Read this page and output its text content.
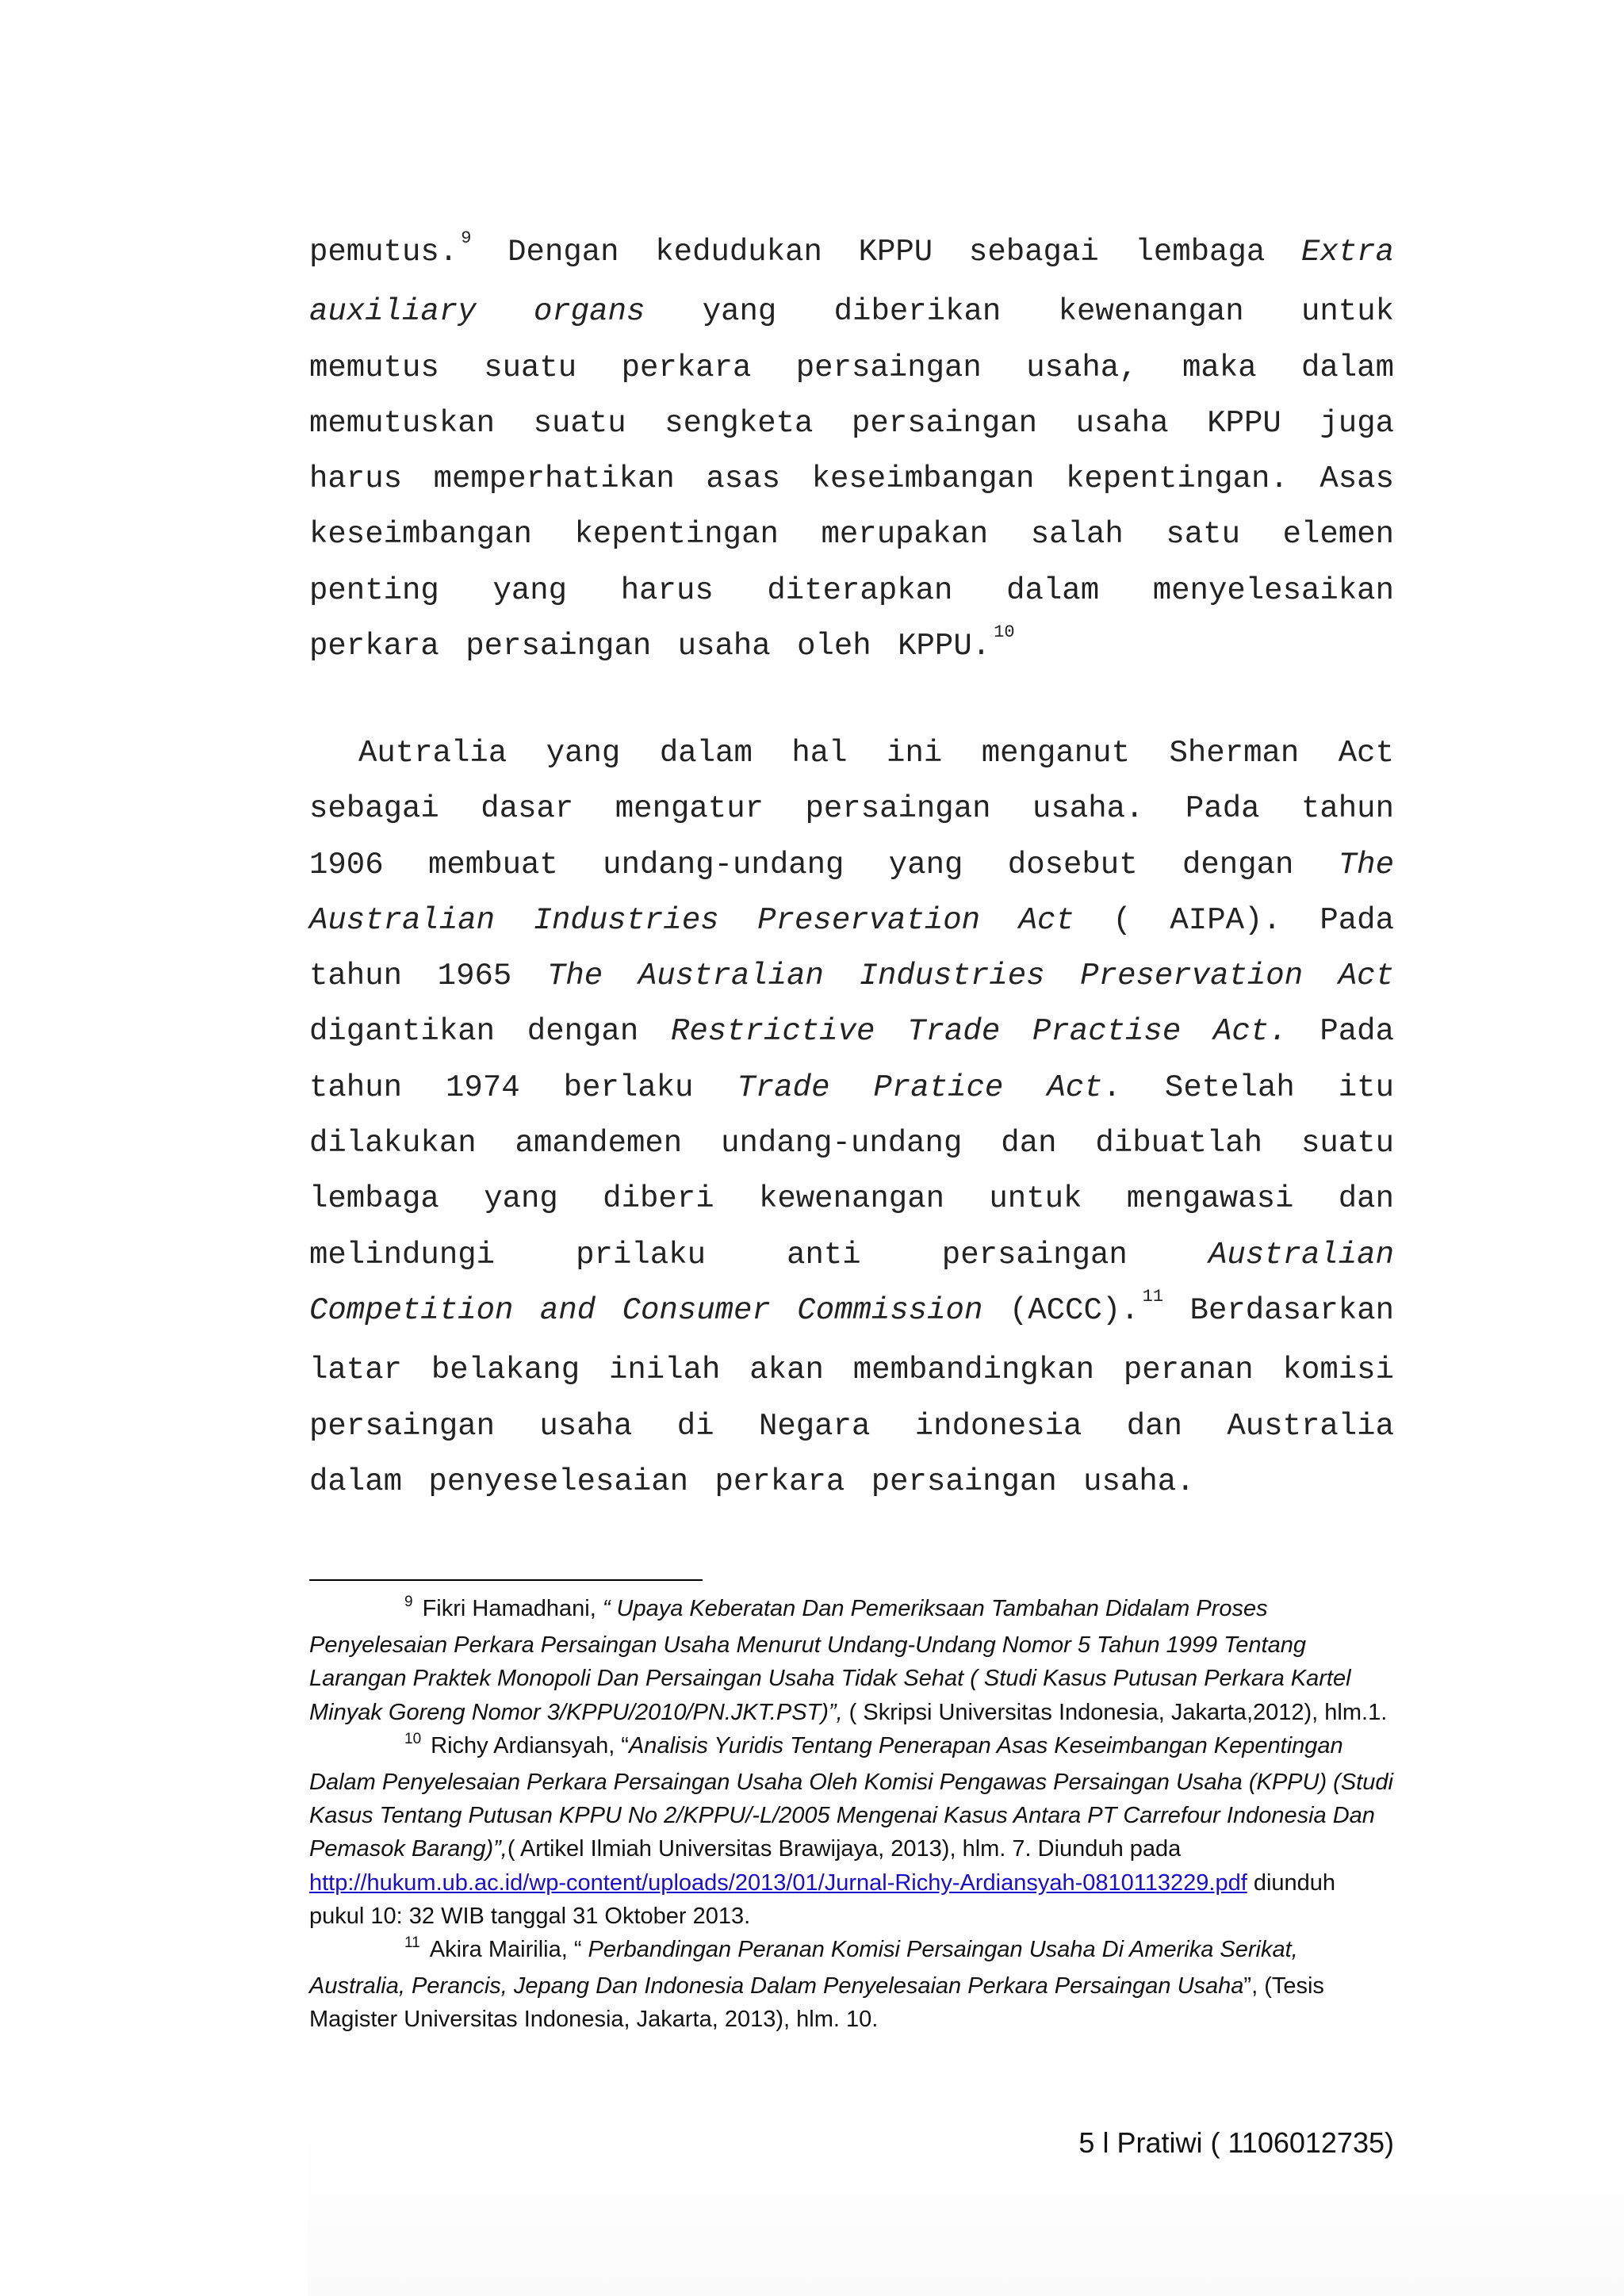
pemutus. $^9$ Dengan kedudukan KPPU sebagai lembaga Extra auxiliary organs yang diberikan kewenangan untuk memutus suatu perkara persaingan usaha, maka dalam memutuskan suatu sengketa persaingan usaha KPPU juga harus memperhatikan asas keseimbangan kepentingan. Asas keseimbangan kepentingan merupakan salah satu elemen penting yang harus diterapkan dalam menyelesaikan perkara persaingan usaha oleh KPPU. $^{10}$

Autralia yang dalam hal ini menganut Sherman Act sebagai dasar mengatur persaingan usaha. Pada tahun 1906 membuat undang-undang yang dosebut dengan The Australian Industries Preservation Act ( AIPA). Pada tahun 1965 The Australian Industries Preservation Act digantikan dengan Restrictive Trade Practise Act. Pada tahun 1974 berlaku Trade Pratice Act. Setelah itu dilakukan amandemen undang-undang dan dibuatlah suatu lembaga yang diberi kewenangan untuk mengawasi dan melindungi prilaku anti persaingan Australian Competition and Consumer Commission (ACCC). $^{11}$ Berdasarkan latar belakang inilah akan membandingkan peranan komisi persaingan usaha di Negara indonesia dan Australia dalam penyeselesaian perkara persaingan usaha.

$^9$ Fikri Hamadhani, “ Upaya Keberatan Dan Pemeriksaan Tambahan Didalam Proses Penyelesaian Perkara Persaingan Usaha Menurut Undang-Undang Nomor 5 Tahun 1999 Tentang Larangan Praktek Monopoli Dan Persaingan Usaha Tidak Sehat ( Studi Kasus Putusan Perkara Kartel Minyak Goreng Nomor 3/KPPU/2010/PN.JKT.PST)”, ( Skripsi Universitas Indonesia, Jakarta,2012), hlm.1.

$^{10}$ Richy Ardiansyah, “Analisis Yuridis Tentang Penerapan Asas Keseimbangan Kepentingan Dalam Penyelesaian Perkara Persaingan Usaha Oleh Komisi Pengawas Persaingan Usaha (KPPU) (Studi Kasus Tentang Putusan KPPU No 2/KPPU/-L/2005 Mengenai Kasus Antara PT Carrefour Indonesia Dan Pemasok Barang)”,( Artikel Ilmiah Universitas Brawijaya, 2013), hlm. 7. Diunduh pada http://hukum.ub.ac.id/wp-content/uploads/2013/01/Jurnal-Richy-Ardiansyah-0810113229.pdf diunduh pukul 10: 32 WIB tanggal 31 Oktober 2013.

$^{11}$ Akira Mairilia, “ Perbandingan Peranan Komisi Persaingan Usaha Di Amerika Serikat, Australia, Perancis, Jepang Dan Indonesia Dalam Penyelesaian Perkara Persaingan Usaha”, (Tesis Magister Universitas Indonesia, Jakarta, 2013), hlm. 10.

5 l Pratiwi ( 1106012735)
